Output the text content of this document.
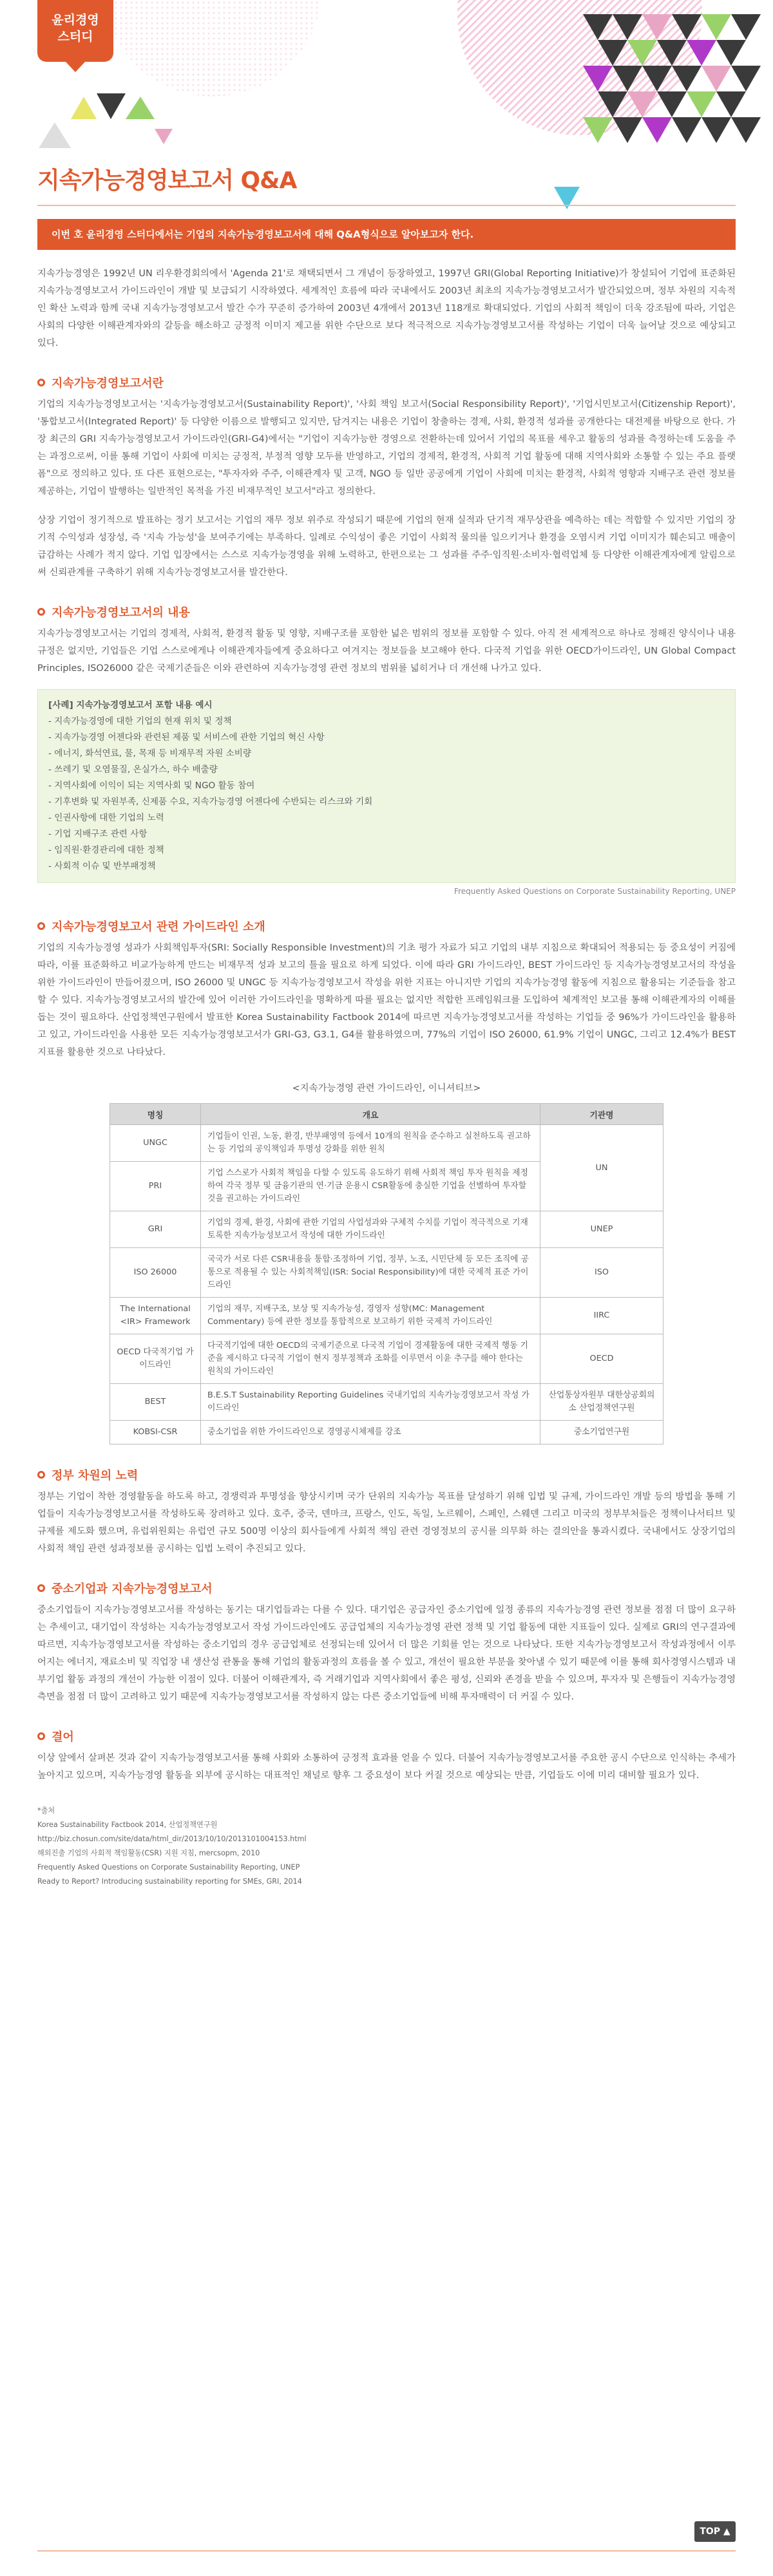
윤리경영
스터디
지속가능경영보고서 Q&A
이번 호 윤리경영 스터디에서는 기업의 지속가능경영보고서에 대해 Q&A형식으로 알아보고자 한다.

지속가능경영은 1992년 UN 리우환경회의에서 'Agenda 21'로 채택되면서 그 개념이 등장하였고, 1997년 GRI(Global Reporting Initiative)가 창설되어 기업에 표준화된 지속가능경영보고서 가이드라인이 개발 및 보급되기 시작하였다. 세계적인 흐름에 따라 국내에서도 2003년 최초의 지속가능경영보고서가 발간되었으며, 정부 차원의 지속적인 확산 노력과 함께 국내 지속가능경영보고서 발간 수가 꾸준히 증가하여 2003년 4개에서 2013년 118개로 확대되었다. 기업의 사회적 책임이 더욱 강조됨에 따라, 기업은 사회의 다양한 이해관계자와의 갈등을 해소하고 긍정적 이미지 제고를 위한 수단으로 보다 적극적으로 지속가능경영보고서를 작성하는 기업이 더욱 늘어날 것으로 예상되고 있다.

지속가능경영보고서란

기업의 지속가능경영보고서는 '지속가능경영보고서(Sustainability Report)', '사회 책임 보고서(Social Responsibility Report)', '기업시민보고서(Citizenship Report)', '통합보고서(Integrated Report)' 등 다양한 이름으로 발행되고 있지만, 담겨지는 내용은 기업이 창출하는 경제, 사회, 환경적 성과를 공개한다는 대전제를 바탕으로 한다. 가장 최근의 GRI 지속가능경영보고서 가이드라인(GRI-G4)에서는 "기업이 지속가능한 경영으로 전환하는데 있어서 기업의 목표를 세우고 활동의 성과를 측정하는데 도움을 주는 과정으로써, 이를 통해 기업이 사회에 미치는 긍정적, 부정적 영향 모두를 반영하고, 기업의 경제적, 환경적, 사회적 기업 활동에 대해 지역사회와 소통할 수 있는 주요 플랫폼"으로 정의하고 있다. 또 다른 표현으로는, "투자자와 주주, 이해관계자 및 고객, NGO 등 일반 공공에게 기업이 사회에 미치는 환경적, 사회적 영향과 지배구조 관련 정보를 제공하는, 기업이 발행하는 일반적인 목적을 가진 비재무적인 보고서"라고 정의한다.

상장 기업이 정기적으로 발표하는 정기 보고서는 기업의 재무 정보 위주로 작성되기 때문에 기업의 현재 실적과 단기적 재무상관을 예측하는 데는 적합할 수 있지만 기업의 장기적 수익성과 성장성, 즉 '지속 가능성'을 보여주기에는 부족하다. 일례로 수익성이 좋은 기업이 사회적 물의를 일으키거나 환경을 오염시켜 기업 이미지가 훼손되고 매출이 급감하는 사례가 적지 않다. 기업 입장에서는 스스로 지속가능경영을 위해 노력하고, 한편으로는 그 성과를 주주·임직원·소비자·협력업체 등 다양한 이해관계자에게 알림으로써 신뢰관계를 구축하기 위해 지속가능경영보고서를 발간한다.

지속가능경영보고서의 내용

지속가능경영보고서는 기업의 경제적, 사회적, 환경적 활동 및 영향, 지배구조를 포함한 넓은 범위의 정보를 포함할 수 있다. 아직 전 세계적으로 하나로 정해진 양식이나 내용규정은 없지만, 기업들은 기업 스스로에게나 이해관계자들에게 중요하다고 여겨지는 정보들을 보고해야 한다. 다국적 기업을 위한 OECD가이드라인, UN Global Compact Principles, ISO26000 같은 국제기준들은 이와 관련하여 지속가능경영 관련 정보의 범위를 넓히거나 더 개선해 나가고 있다.

[사례] 지속가능경영보고서 포함 내용 예시
- 지속가능경영에 대한 기업의 현재 위치 및 정책
- 지속가능경영 어젠다와 관련된 제품 및 서비스에 관한 기업의 혁신 사항
- 에너지, 화석연료, 물, 목재 등 비재무적 자원 소비량
- 쓰레기 및 오염물질, 온실가스, 하수 배출량
- 지역사회에 이익이 되는 지역사회 및 NGO 활동 참여
- 기후변화 및 자원부족, 신제품 수요, 지속가능경영 어젠다에 수반되는 리스크와 기회
- 인권사항에 대한 기업의 노력
- 기업 지배구조 관련 사항
- 임직원·환경관리에 대한 정책
- 사회적 이슈 및 반부패정책
Frequently Asked Questions on Corporate Sustainability Reporting, UNEP
지속가능경영보고서 관련 가이드라인 소개

기업의 지속가능경영 성과가 사회책임투자(SRI: Socially Responsible Investment)의 기초 평가 자료가 되고 기업의 내부 지침으로 확대되어 적용되는 등 중요성이 커짐에 따라, 이를 표준화하고 비교가능하게 만드는 비재무적 성과 보고의 틀을 필요로 하게 되었다. 이에 따라 GRI 가이드라인, BEST 가이드라인 등 지속가능경영보고서의 작성을 위한 가이드라인이 만들어졌으며, ISO 26000 및 UNGC 등 지속가능경영보고서 작성을 위한 지표는 아니지만 기업의 지속가능경영 활동에 지침으로 활용되는 기준들을 참고할 수 있다. 지속가능경영보고서의 발간에 있어 이러한 가이드라인을 명확하게 따를 필요는 없지만 적합한 프레임워크를 도입하여 체계적인 보고를 통해 이해관계자의 이해를 돕는 것이 필요하다. 산업정책연구원에서 발표한 Korea Sustainability Factbook 2014에 따르면 지속가능경영보고서를 작성하는 기업들 중 96%가 가이드라인을 활용하고 있고, 가이드라인을 사용한 모든 지속가능경영보고서가 GRI-G3, G3.1, G4를 활용하였으며, 77%의 기업이 ISO 26000, 61.9% 기업이 UNGC, 그리고 12.4%가 BEST지표를 활용한 것으로 나타났다.

<지속가능경영 관련 가이드라인, 이니셔티브>
명칭	개요	기관명
UNGC	기업들이 인권, 노동, 환경, 반부패영역 등에서 10개의 원칙을 준수하고 실천하도록 권고하는 등 기업의 공익책임과 투명성 강화를 위한 원칙	UN
PRI	기업 스스로가 사회적 책임을 다할 수 있도록 유도하기 위해 사회적 책임 투자 원칙을 제정하여 각국 정부 및 금융기관의 연·기금 운용시 CSR활동에 충실한 기업을 선별하여 투자할 것을 권고하는 가이드라인	
GRI	기업의 경제, 환경, 사회에 관한 기업의 사업성과와 구체적 수치를 기업이 적극적으로 기재토록한 지속가능성보고서 작성에 대한 가이드라인	UNEP
ISO 26000	국국가 서로 다른 CSR내용을 통합·조정하여 기업, 정부, 노조, 시민단체 등 모든 조직에 공통으로 적용될 수 있는 사회적책임(ISR: Social Responsibility)에 대한 국제적 표준 가이드라인	ISO
The International <IR> Framework	기업의 재무, 지배구조, 보상 및 지속가능성, 경영자 성향(MC: Management Commentary) 등에 관한 정보를 통합적으로 보고하기 위한 국제적 가이드라인	IIRC
OECD 다국적기업 가이드라인	다국적기업에 대한 OECD의 국제기준으로 다국적 기업이 경제활동에 대한 국제적 행동 기준을 제시하고 다국적 기업이 현지 정부정책과 조화를 이루면서 이윤 추구를 해야 한다는 원칙의 가이드라인	OECD
BEST	B.E.S.T Sustainability Reporting Guidelines 국내기업의 지속가능경영보고서 작성 가이드라인	산업통상자원부 대한상공회의소 산업정책연구원
KOBSI-CSR	중소기업을 위한 가이드라인으로 경영공시체제를 강조	중소기업연구원
정부 차원의 노력

정부는 기업이 착한 경영활동을 하도록 하고, 경쟁력과 투명성을 향상시키며 국가 단위의 지속가능 목표를 달성하기 위해 입법 및 규제, 가이드라인 개발 등의 방법을 통해 기업들이 지속가능경영보고서를 작성하도록 장려하고 있다. 호주, 중국, 덴마크, 프랑스, 인도, 독일, 노르웨이, 스페인, 스웨덴 그리고 미국의 정부부처들은 정책이나서티브 및 규제를 제도화 했으며, 유럽위원회는 유럽연 규모 500명 이상의 회사들에게 사회적 책임 관련 경영정보의 공시를 의무화 하는 결의안을 통과시켰다. 국내에서도 상장기업의 사회적 책임 관련 성과정보를 공시하는 입법 노력이 추진되고 있다.

중소기업과 지속가능경영보고서

중소기업들이 지속가능경영보고서를 작성하는 동기는 대기업들과는 다를 수 있다. 대기업은 공급자인 중소기업에 일정 종류의 지속가능경영 관련 정보를 점점 더 많이 요구하는 추세이고, 대기업이 작성하는 지속가능경영보고서 작성 가이드라인에도 공급업체의 지속가능경영 관련 정책 및 기업 활동에 대한 지표들이 있다. 실제로 GRI의 연구결과에 따르면, 지속가능경영보고서를 작성하는 중소기업의 경우 공급업체로 선정되는데 있어서 더 많은 기회를 얻는 것으로 나타났다. 또한 지속가능경영보고서 작성과정에서 이루어지는 에너지, 재료소비 및 직업장 내 생산성 관통을 통해 기업의 활동과정의 흐름을 볼 수 있고, 개선이 필요한 부분을 찾아낼 수 있기 때문에 이를 통해 회사경영시스템과 내부기업 활동 과정의 개선이 가능한 이점이 있다. 더불어 이해관계자, 즉 거래기업과 지역사회에서 좋은 평성, 신뢰와 존경을 받을 수 있으며, 투자자 및 은행들이 지속가능경영 측면을 점점 더 많이 고려하고 있기 때문에 지속가능경영보고서를 작성하지 않는 다른 중소기업들에 비해 투자매력이 더 커질 수 있다.

결어

이상 앞에서 살펴본 것과 같이 지속가능경영보고서를 통해 사회와 소통하여 긍정적 효과를 얻을 수 있다. 더불어 지속가능경영보고서를 주요한 공시 수단으로 인식하는 추세가 높아지고 있으며, 지속가능경영 활동을 외부에 공시하는 대표적인 채널로 향후 그 중요성이 보다 커질 것으로 예상되는 만큼, 기업들도 이에 미리 대비할 필요가 있다.

*출처
Korea Sustainability Factbook 2014, 산업정책연구원
http://biz.chosun.com/site/data/html_dir/2013/10/10/2013101004153.html
해외진출 기업의 사회적 책임활동(CSR) 지원 지침, mercsopm, 2010
Frequently Asked Questions on Corporate Sustainability Reporting, UNEP
Ready to Report? Introducing sustainability reporting for SMEs, GRI, 2014
TOP ▲
